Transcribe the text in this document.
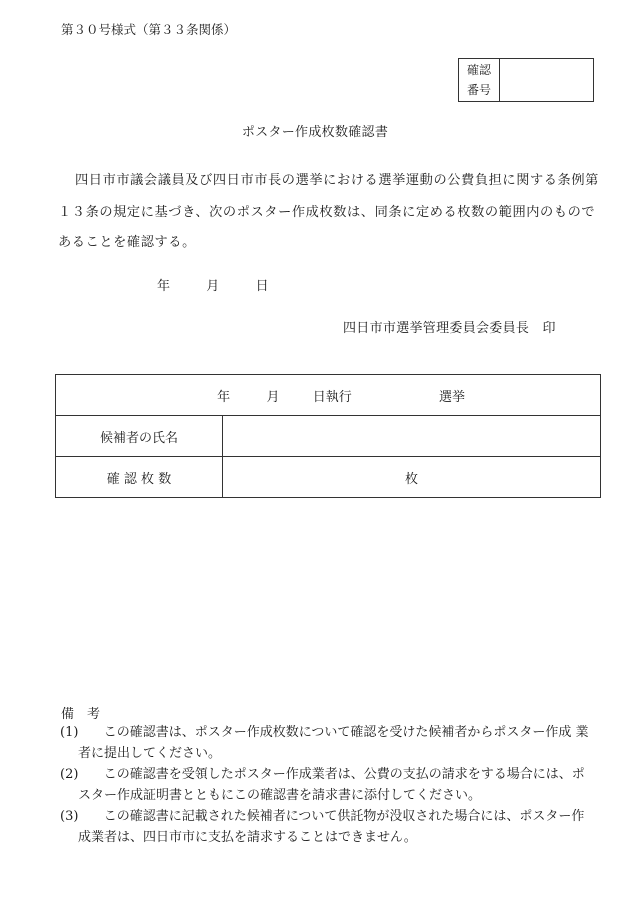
第３０号様式（第３３条関係）
確認
番号
ポスター作成枚数確認書
四日市市議会議員及び四日市市長の選挙における選挙運動の公費負担に関する条例第
１３条の規定に基づき、次のポスター作成枚数は、同条に定める枚数の範囲内のもので
あることを確認する。
年	月	日
四日市市選挙管理委員会委員長　印
年 月 日執行 選挙	
候補者の氏名	
確 認 枚 数	枚
備　考
(1)	この確認書は、ポスター作成枚数について確認を受けた候補者からポスター作成 業
者に提出してください。
(2)	この確認書を受領したポスター作成業者は、公費の支払の請求をする場合には、ポ
スター作成証明書とともにこの確認書を請求書に添付してください。
(3)	この確認書に記載された候補者について供託物が没収された場合には、ポスター作
成業者は、四日市市に支払を請求することはできません。
